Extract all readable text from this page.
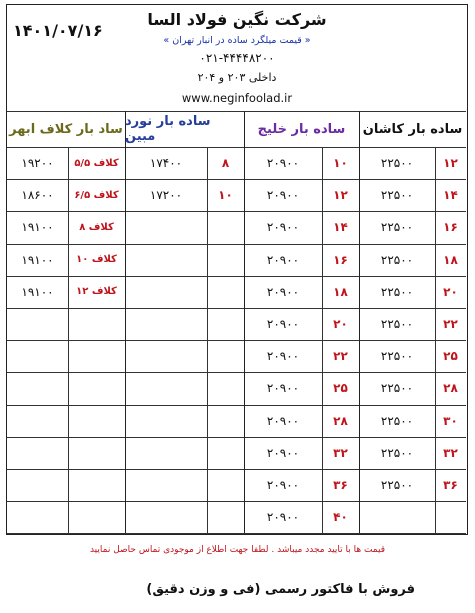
شرکت نگین فولاد السا
« قیمت میلگرد ساده در انبار تهران »
۰۲۱-۴۴۴۴۸۲۰۰
داخلی ۲۰۳ و ۲۰۴
www.neginfoolad.ir
۱۴۰۱/۰۷/۱۶
ساده بار کاشان
ساده بار خلیج
ساده بار نورد مبین
ساد بار کلاف ابهر
۱۲
۲۲۵۰۰
۱۴
۲۲۵۰۰
۱۶
۲۲۵۰۰
۱۸
۲۲۵۰۰
۲۰
۲۲۵۰۰
۲۲
۲۲۵۰۰
۲۵
۲۲۵۰۰
۲۸
۲۲۵۰۰
۳۰
۲۲۵۰۰
۳۲
۲۲۵۰۰
۳۶
۲۲۵۰۰
۱۰
۲۰۹۰۰
۱۲
۲۰۹۰۰
۱۴
۲۰۹۰۰
۱۶
۲۰۹۰۰
۱۸
۲۰۹۰۰
۲۰
۲۰۹۰۰
۲۲
۲۰۹۰۰
۲۵
۲۰۹۰۰
۲۸
۲۰۹۰۰
۳۲
۲۰۹۰۰
۳۶
۲۰۹۰۰
۴۰
۲۰۹۰۰
۸
۱۷۴۰۰
۱۰
۱۷۲۰۰
۵/۵ کلاف
۱۹۲۰۰
۶/۵ کلاف
۱۸۶۰۰
۸ کلاف
۱۹۱۰۰
۱۰ کلاف
۱۹۱۰۰
۱۲ کلاف
۱۹۱۰۰
قیمت ها با تایید مجدد میباشد . لطفا جهت اطلاع از موجودی تماس حاصل نمایید
فروش با فاکتور رسمی (فی و وزن دقیق)
